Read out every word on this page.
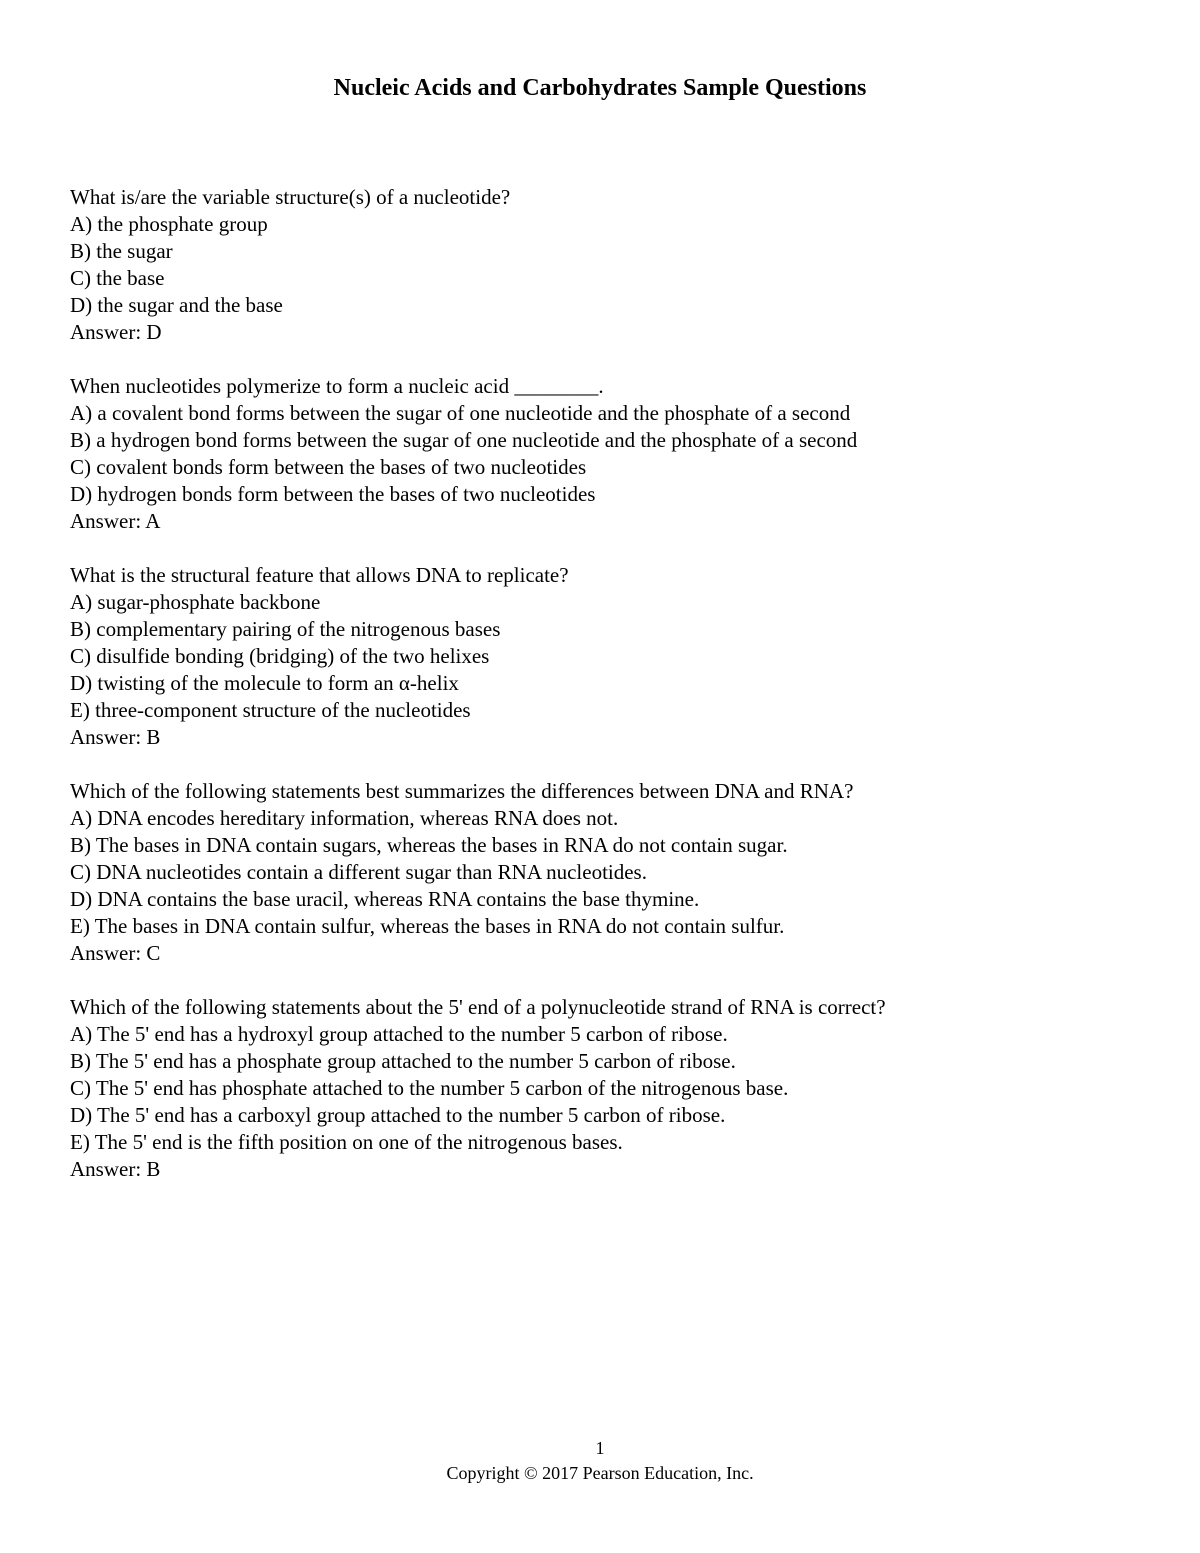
Nucleic Acids and Carbohydrates Sample Questions
What is/are the variable structure(s) of a nucleotide?
A) the phosphate group
B) the sugar
C) the base
D) the sugar and the base
Answer: D
When nucleotides polymerize to form a nucleic acid ________.
A) a covalent bond forms between the sugar of one nucleotide and the phosphate of a second
B) a hydrogen bond forms between the sugar of one nucleotide and the phosphate of a second
C) covalent bonds form between the bases of two nucleotides
D) hydrogen bonds form between the bases of two nucleotides
Answer: A
What is the structural feature that allows DNA to replicate?
A) sugar-phosphate backbone
B) complementary pairing of the nitrogenous bases
C) disulfide bonding (bridging) of the two helixes
D) twisting of the molecule to form an α-helix
E) three-component structure of the nucleotides
Answer: B
Which of the following statements best summarizes the differences between DNA and RNA?
A) DNA encodes hereditary information, whereas RNA does not.
B) The bases in DNA contain sugars, whereas the bases in RNA do not contain sugar.
C) DNA nucleotides contain a different sugar than RNA nucleotides.
D) DNA contains the base uracil, whereas RNA contains the base thymine.
E) The bases in DNA contain sulfur, whereas the bases in RNA do not contain sulfur.
Answer: C
Which of the following statements about the 5' end of a polynucleotide strand of RNA is correct?
A) The 5' end has a hydroxyl group attached to the number 5 carbon of ribose.
B) The 5' end has a phosphate group attached to the number 5 carbon of ribose.
C) The 5' end has phosphate attached to the number 5 carbon of the nitrogenous base.
D) The 5' end has a carboxyl group attached to the number 5 carbon of ribose.
E) The 5' end is the fifth position on one of the nitrogenous bases.
Answer: B
1
Copyright © 2017 Pearson Education, Inc.
